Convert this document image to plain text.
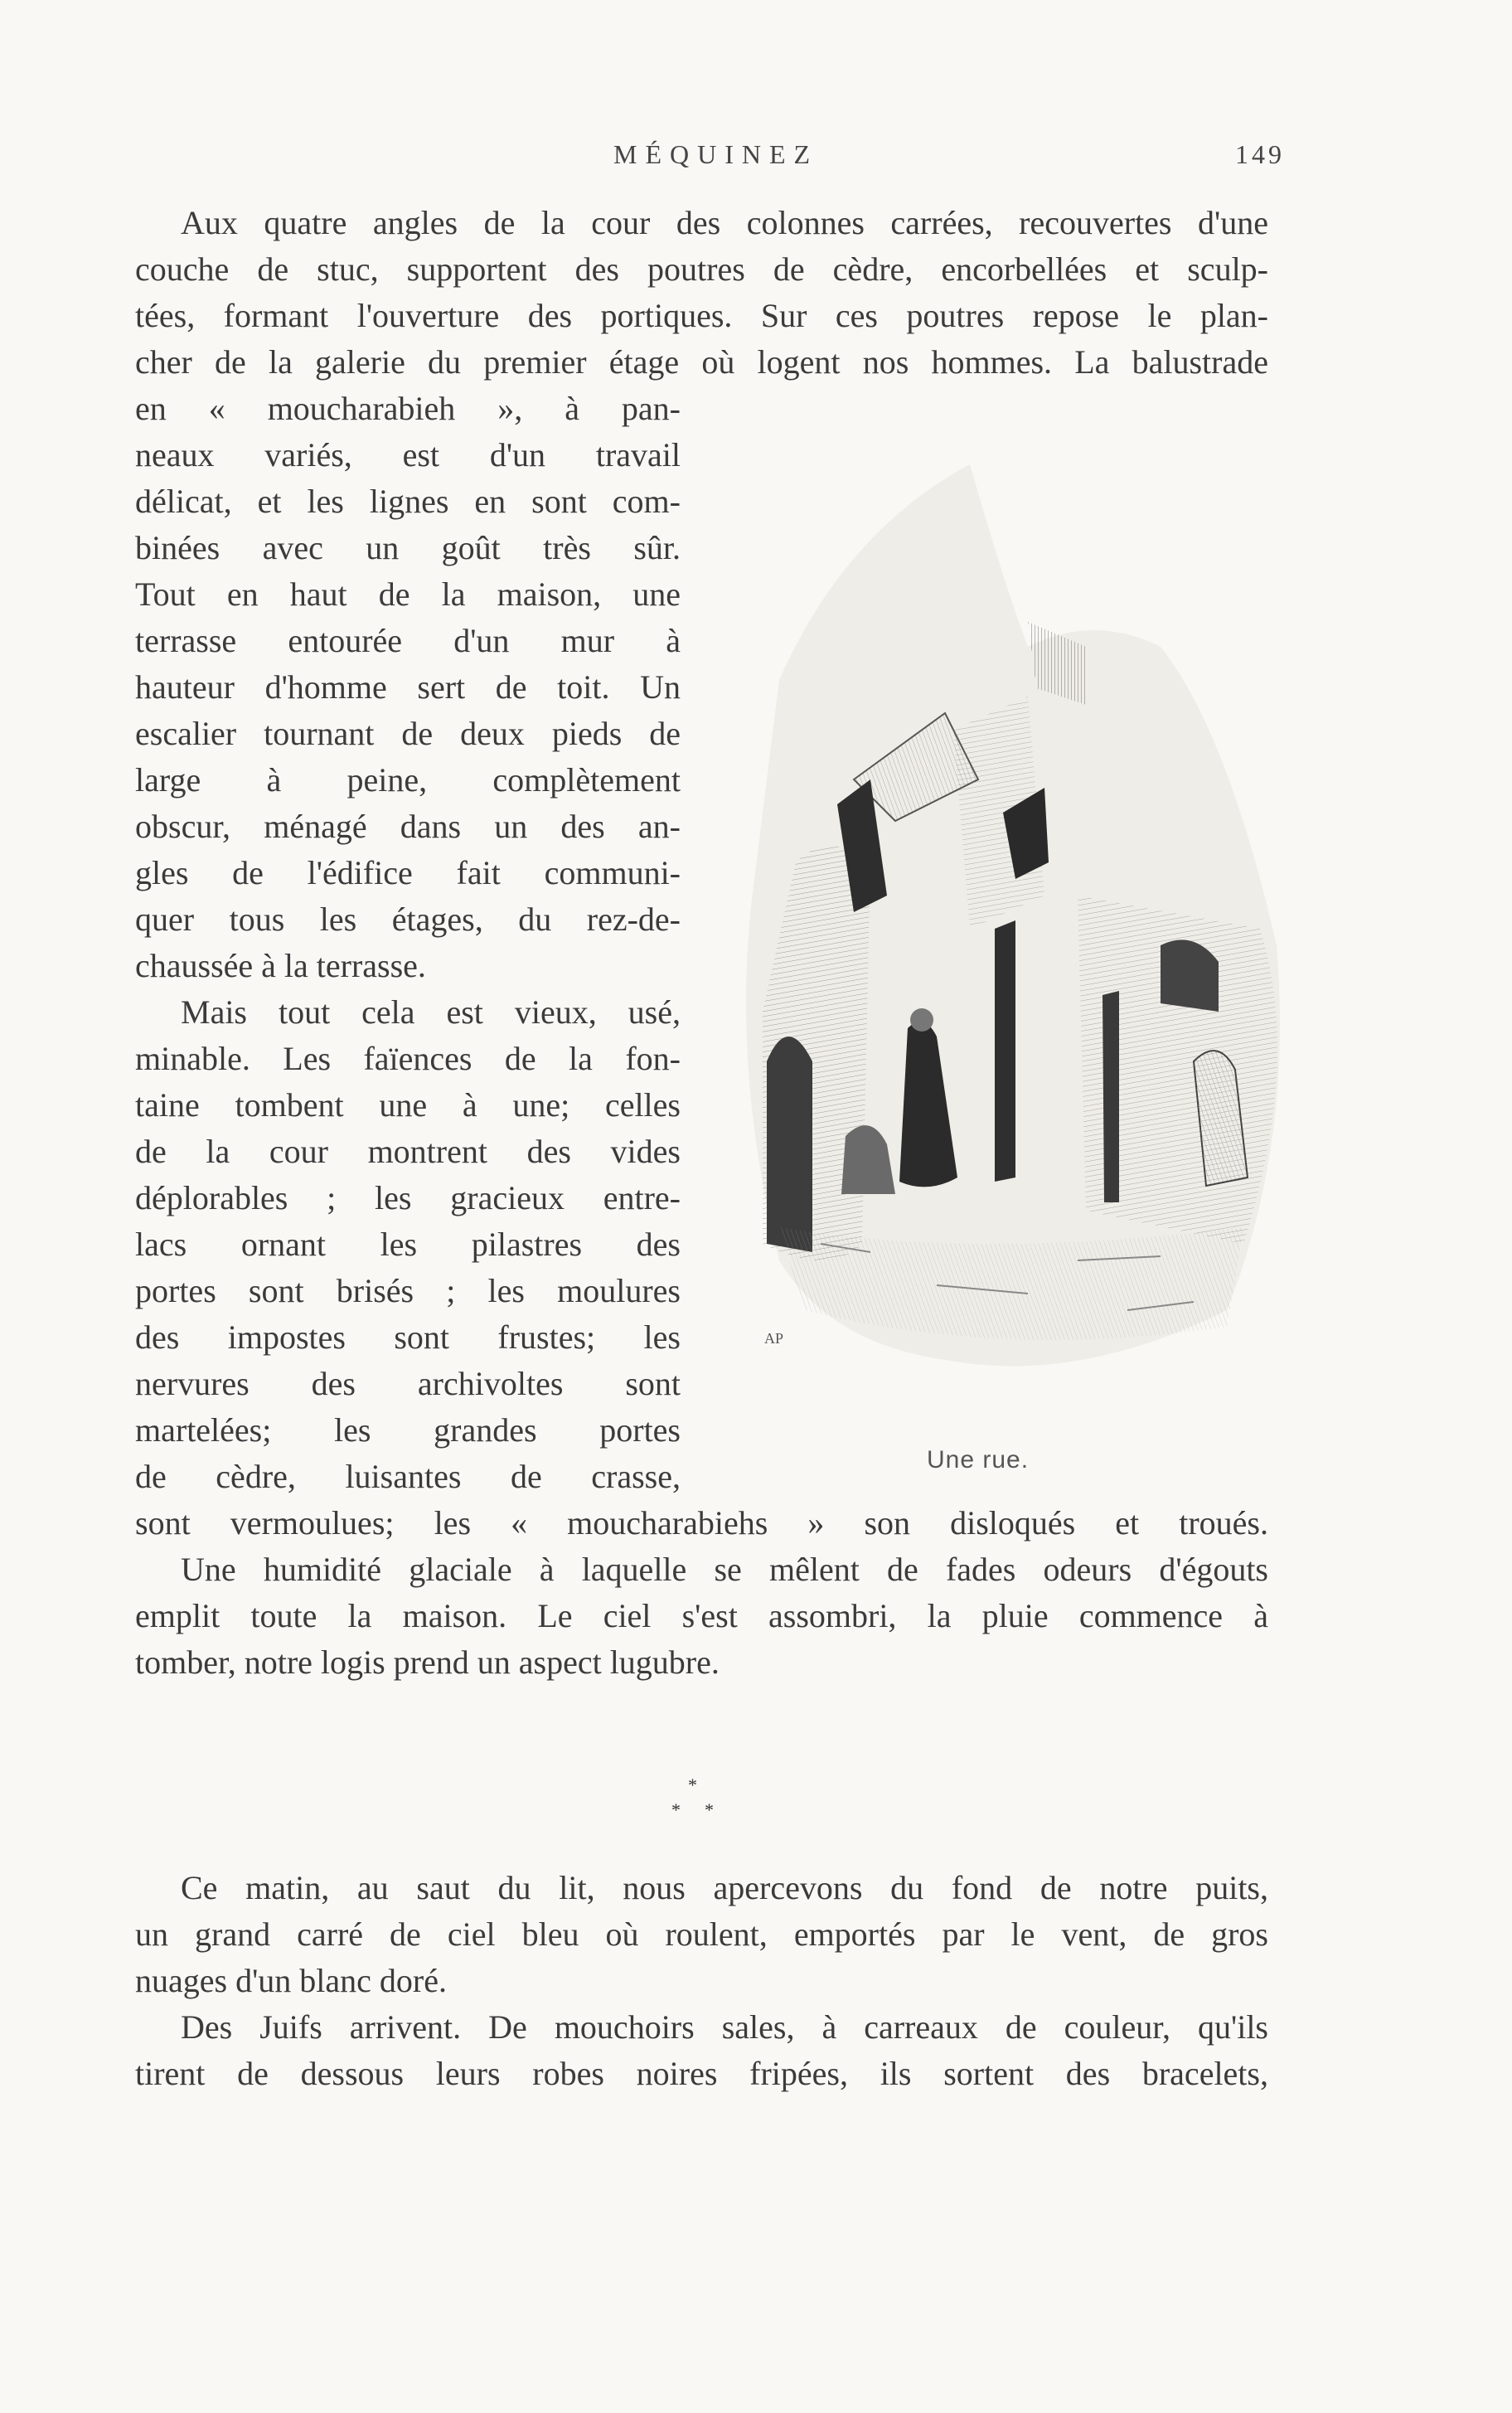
MÉQUINEZ	149
Aux quatre angles de la cour des colonnes carrées, recouvertes d'une
couche de stuc, supportent des poutres de cèdre, encorbellées et sculp-
tées, formant l'ouverture des portiques. Sur ces poutres repose le plan-
cher de la galerie du premier étage où logent nos hommes. La balustrade
en « moucharabieh », à pan-
neaux variés, est d'un travail
délicat, et les lignes en sont com-
binées avec un goût très sûr.
Tout en haut de la maison, une
terrasse entourée d'un mur à
hauteur d'homme sert de toit. Un
escalier tournant de deux pieds de
large à peine, complètement
obscur, ménagé dans un des an-
gles de l'édifice fait communi-
quer tous les étages, du rez-de-
chaussée à la terrasse.
Mais tout cela est vieux, usé,
minable. Les faïences de la fon-
taine tombent une à une; celles
de la cour montrent des vides
déplorables ; les gracieux entre-
lacs ornant les pilastres des
portes sont brisés ; les moulures
des impostes sont frustes; les
nervures des archivoltes sont
martelées; les grandes portes
de cèdre, luisantes de crasse,
sont vermoulues; les « moucharabiehs » son disloqués et troués.
Une humidité glaciale à laquelle se mêlent de fades odeurs d'égouts
emplit toute la maison. Le ciel s'est assombri, la pluie commence à
tomber, notre logis prend un aspect lugubre.
*
* *
Ce matin, au saut du lit, nous apercevons du fond de notre puits,
un grand carré de ciel bleu où roulent, emportés par le vent, de gros
nuages d'un blanc doré.
Des Juifs arrivent. De mouchoirs sales, à carreaux de couleur, qu'ils
tirent de dessous leurs robes noires fripées, ils sortent des bracelets,
AP
Une rue.
